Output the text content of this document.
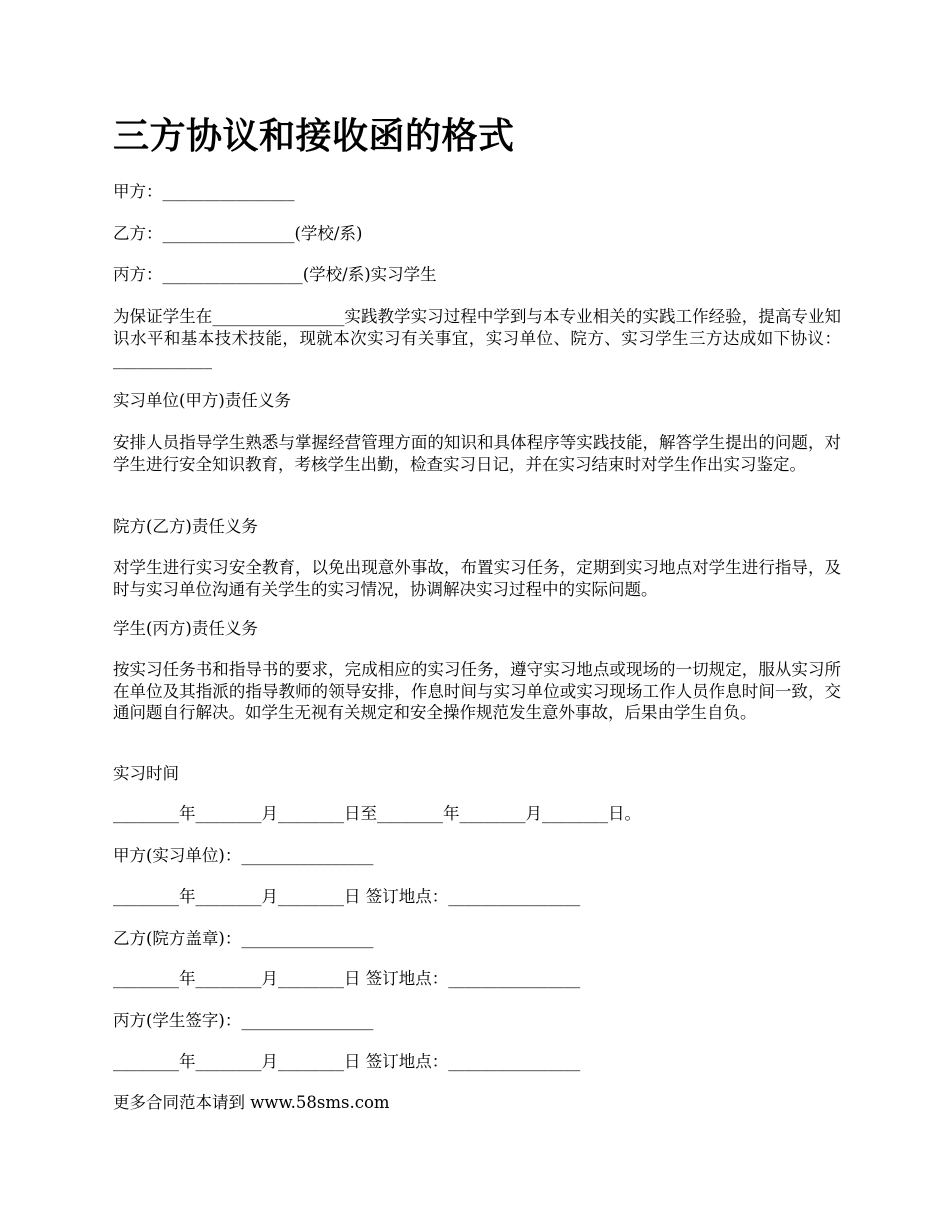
三方协议和接收函的格式

甲方：________________

乙方：________________(学校/系)

丙方：_________________(学校/系)实习学生

为保证学生在________________实践教学实习过程中学到与本专业相关的实践工作经验，提高专业知识水平和基本技术技能，现就本次实习有关事宜，实习单位、院方、实习学生三方达成如下协议：____________

实习单位(甲方)责任义务

安排人员指导学生熟悉与掌握经营管理方面的知识和具体程序等实践技能，解答学生提出的问题，对学生进行安全知识教育，考核学生出勤，检查实习日记，并在实习结束时对学生作出实习鉴定。

院方(乙方)责任义务

对学生进行实习安全教育，以免出现意外事故，布置实习任务，定期到实习地点对学生进行指导，及时与实习单位沟通有关学生的实习情况，协调解决实习过程中的实际问题。

学生(丙方)责任义务

按实习任务书和指导书的要求，完成相应的实习任务，遵守实习地点或现场的一切规定，服从实习所在单位及其指派的指导教师的领导安排，作息时间与实习单位或实习现场工作人员作息时间一致，交通问题自行解决。如学生无视有关规定和安全操作规范发生意外事故，后果由学生自负。

实习时间

________年________月________日至________年________月________日。

甲方(实习单位)：________________

________年________月________日 签订地点：________________

乙方(院方盖章)：________________

________年________月________日 签订地点：________________

丙方(学生签字)：________________

________年________月________日 签订地点：________________

更多合同范本请到 www.58sms.com
